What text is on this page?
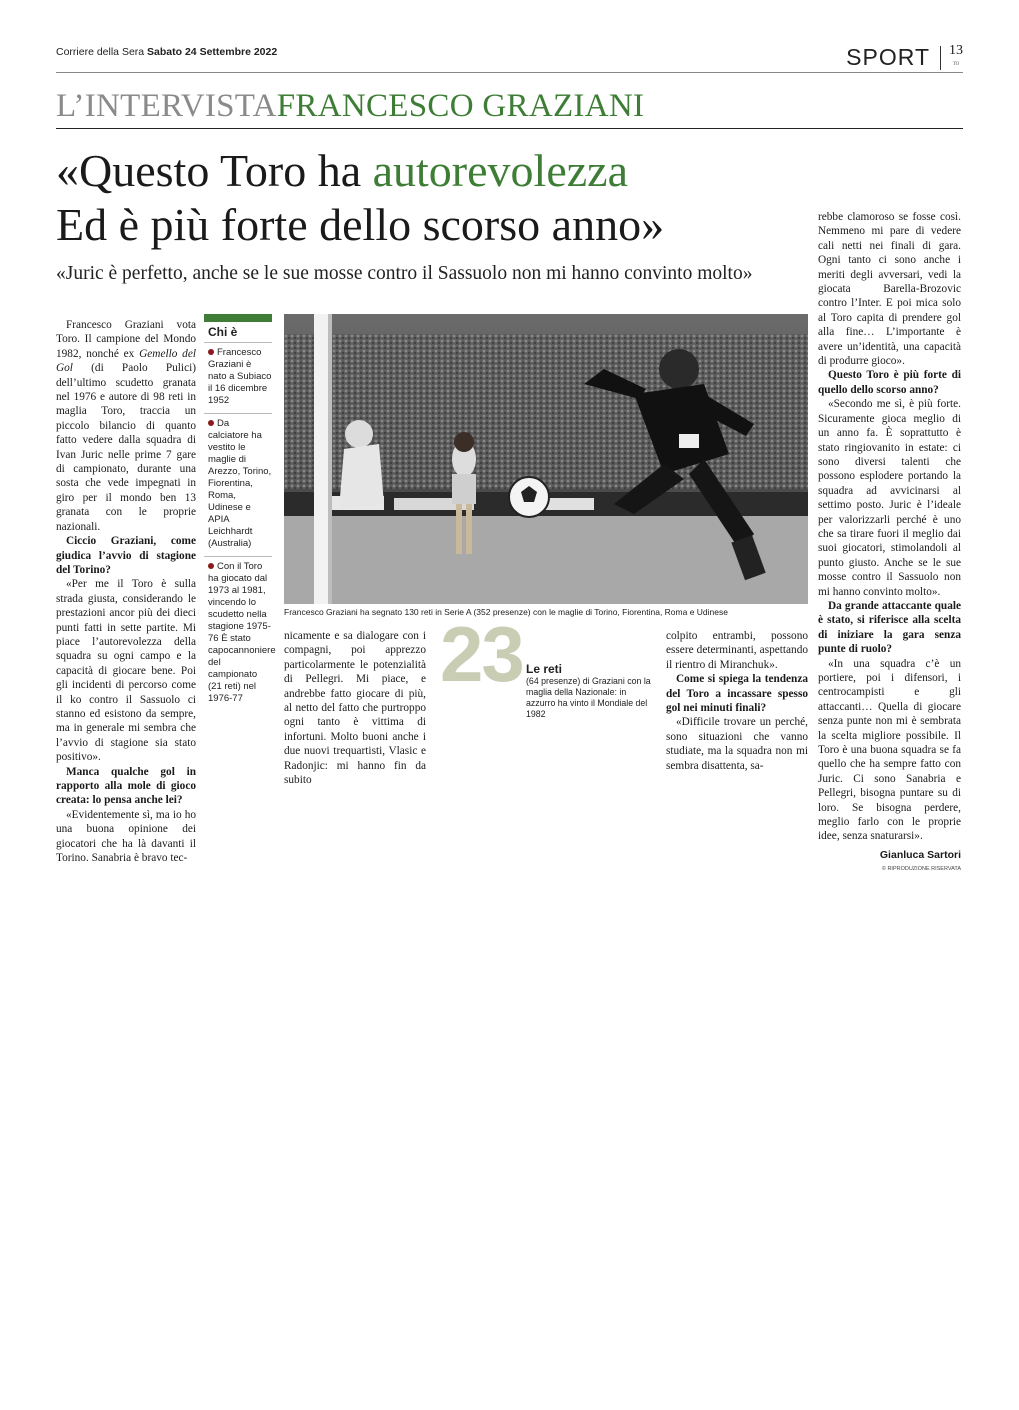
Corriere della Sera Sabato 24 Settembre 2022	SPORT 13
TO
L’INTERVISTAFRANCESCO GRAZIANI
«Questo Toro ha autorevolezza
Ed è più forte dello scorso anno»
«Juric è perfetto, anche se le sue mosse contro il Sassuolo non mi hanno convinto molto»

Francesco Graziani vota Toro. Il campione del Mondo 1982, nonché ex Gemello del Gol (di Paolo Pulici) dell’ultimo scudetto granata nel 1976 e autore di 98 reti in maglia Toro, traccia un piccolo bilancio di quanto fatto vedere dalla squadra di Ivan Juric nelle prime 7 gare di campionato, durante una sosta che vede impegnati in giro per il mondo ben 13 granata con le proprie nazionali.

Ciccio Graziani, come giudica l’avvio di stagione del Torino?

«Per me il Toro è sulla strada giusta, considerando le prestazioni ancor più dei dieci punti fatti in sette partite. Mi piace l’autorevolezza della squadra su ogni campo e la capacità di giocare bene. Poi gli incidenti di percorso come il ko contro il Sassuolo ci stanno ed esistono da sempre, ma in generale mi sembra che l’avvio di stagione sia stato positivo».

Manca qualche gol in rapporto alla mole di gioco creata: lo pensa anche lei?

«Evidentemente sì, ma io ho una buona opinione dei giocatori che ha là davanti il Torino. Sanabria è bravo tec-

Chi è
Francesco Graziani è nato a Subiaco il 16 dicembre 1952
Da calciatore ha vestito le maglie di Arezzo, Torino, Fiorentina, Roma, Udinese e APIA Leichhardt (Australia)
Con il Toro ha giocato dal 1973 al 1981, vincendo lo scudetto nella stagione 1975-76 È stato capocannoniere del campionato (21 reti) nel 1976-77
Francesco Graziani ha segnato 130 reti in Serie A (352 presenze) con le maglie di Torino, Fiorentina, Roma e Udinese

nicamente e sa dialogare con i compagni, poi apprezzo particolarmente le potenzialità di Pellegri. Mi piace, e andrebbe fatto giocare di più, al netto del fatto che purtroppo ogni tanto è vittima di infortuni. Molto buoni anche i due nuovi trequartisti, Vlasic e Radonjic: mi hanno fin da subito

23 Le reti
(64 presenze) di Graziani con la maglia della Nazionale: in azzurro ha vinto il Mondiale del 1982

colpito entrambi, possono essere determinanti, aspettando il rientro di Miranchuk».

Come si spiega la tendenza del Toro a incassare spesso gol nei minuti finali?

«Difficile trovare un perché, sono situazioni che vanno studiate, ma la squadra non mi sembra disattenta, sa-

rebbe clamoroso se fosse così. Nemmeno mi pare di vedere cali netti nei finali di gara. Ogni tanto ci sono anche i meriti degli avversari, vedi la giocata Barella-Brozovic contro l’Inter. E poi mica solo al Toro capita di prendere gol alla fine… L’importante è avere un’identità, una capacità di produrre gioco».

Questo Toro è più forte di quello dello scorso anno?

«Secondo me sì, è più forte. Sicuramente gioca meglio di un anno fa. È soprattutto è stato ringiovanito in estate: ci sono diversi talenti che possono esplodere portando la squadra ad avvicinarsi al settimo posto. Juric è l’ideale per valorizzarli perché è uno che sa tirare fuori il meglio dai suoi giocatori, stimolandoli al punto giusto. Anche se le sue mosse contro il Sassuolo non mi hanno convinto molto».

Da grande attaccante quale è stato, si riferisce alla scelta di iniziare la gara senza punte di ruolo?

«In una squadra c’è un portiere, poi i difensori, i centrocampisti e gli attaccanti… Quella di giocare senza punte non mi è sembrata la scelta migliore possibile. Il Toro è una buona squadra se fa quello che ha sempre fatto con Juric. Ci sono Sanabria e Pellegri, bisogna puntare su di loro. Se bisogna perdere, meglio farlo con le proprie idee, senza snaturarsi».

Gianluca Sartori
© RIPRODUZIONE RISERVATA
